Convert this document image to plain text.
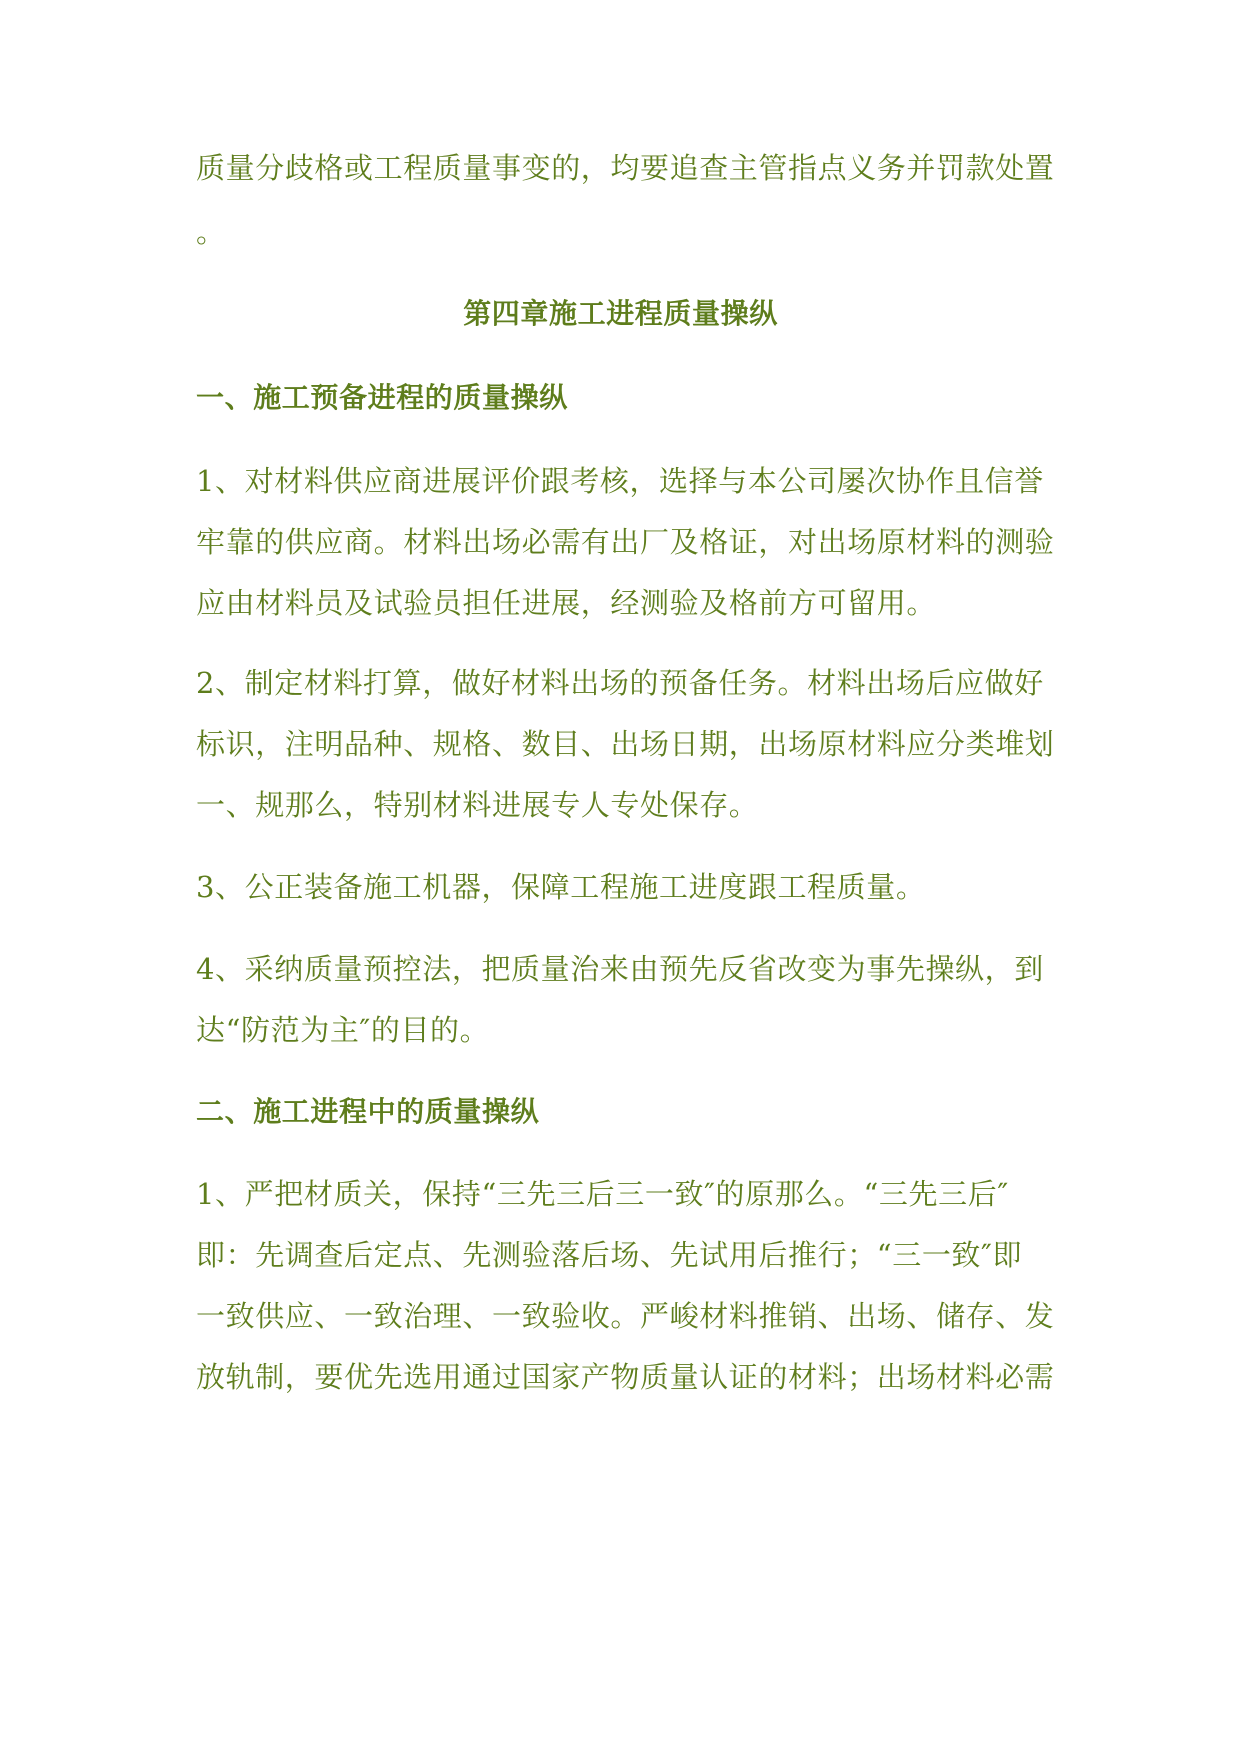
质量分歧格或工程质量事变的，均要追查主管指点义务并罚款处置
。
第四章施工进程质量操纵
一、施工预备进程的质量操纵
1、对材料供应商进展评价跟考核，选择与本公司屡次协作且信誉
牢靠的供应商。材料出场必需有出厂及格证，对出场原材料的测验
应由材料员及试验员担任进展，经测验及格前方可留用。
2、制定材料打算，做好材料出场的预备任务。材料出场后应做好
标识，注明品种、规格、数目、出场日期，出场原材料应分类堆划
一、规那么，特别材料进展专人专处保存。
3、公正装备施工机器，保障工程施工进度跟工程质量。
4、采纳质量预控法，把质量治来由预先反省改变为事先操纵，到
达“防范为主″的目的。
二、施工进程中的质量操纵
1、严把材质关，保持“三先三后三一致″的原那么。“三先三后″
即：先调查后定点、先测验落后场、先试用后推行；“三一致″即
一致供应、一致治理、一致验收。严峻材料推销、出场、储存、发
放轨制，要优先选用通过国家产物质量认证的材料；出场材料必需
